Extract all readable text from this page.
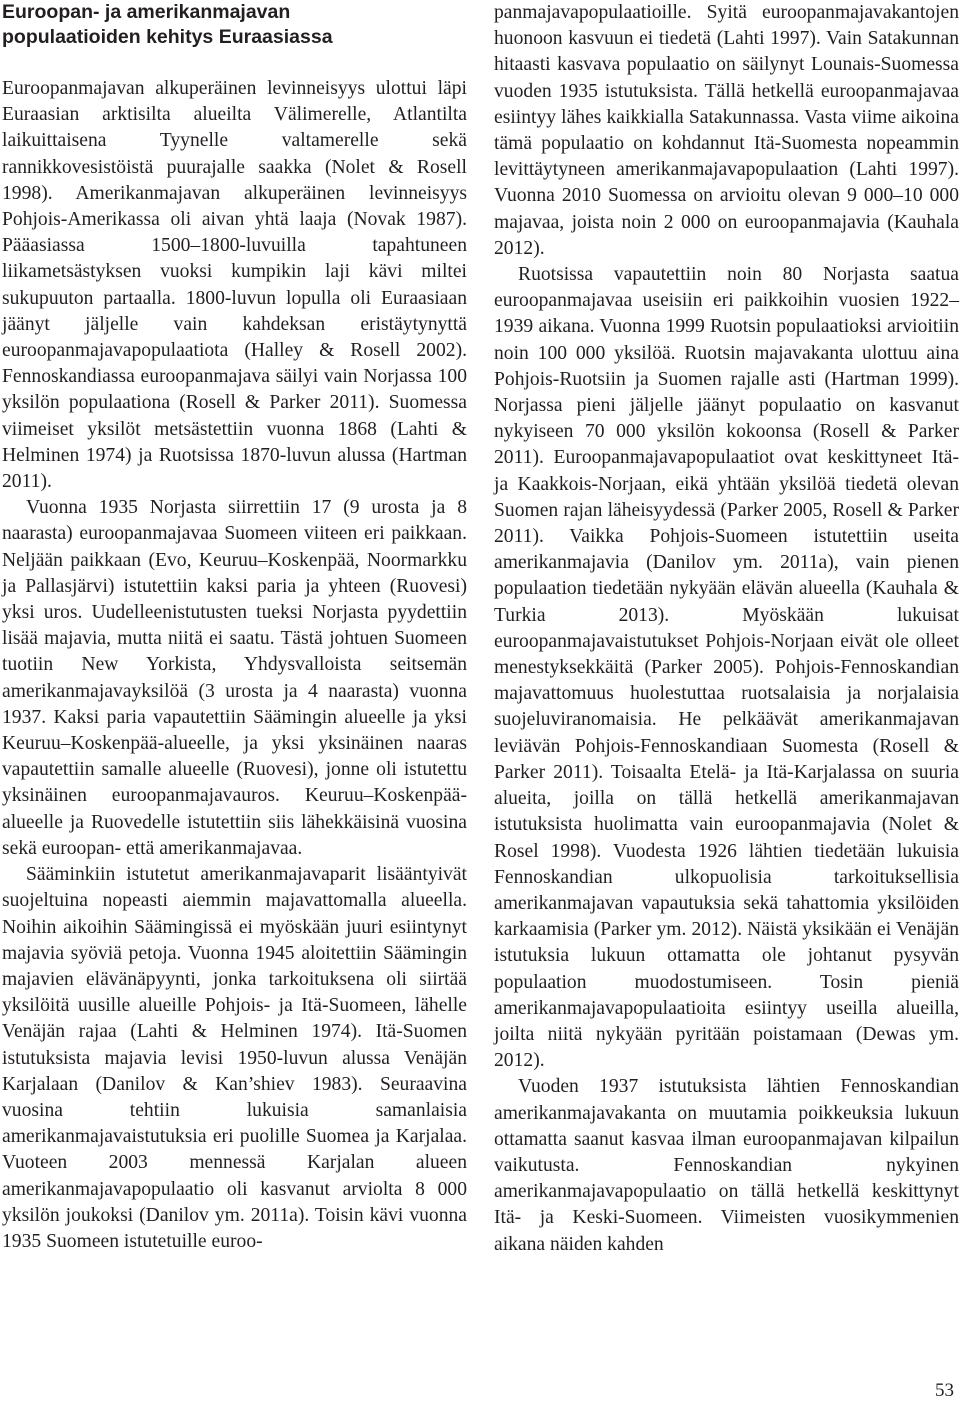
Euroopan- ja amerikanmajavan
populaatioiden kehitys Euraasiassa

Euroopanmajavan alkuperäinen levinneisyys ulottui läpi Euraasian arktisilta alueilta Välimerelle, Atlantilta laikuittaisena Tyynelle valtamerelle sekä rannikkovesistöistä puurajalle saakka (Nolet & Rosell 1998). Amerikanmajavan alkuperäinen levinneisyys Pohjois-Amerikassa oli aivan yhtä laaja (Novak 1987). Pääasiassa 1500–1800-luvuilla tapahtuneen liikametsästyksen vuoksi kumpikin laji kävi miltei sukupuuton partaalla. 1800-luvun lopulla oli Euraasiaan jäänyt jäljelle vain kahdeksan eristäytynyttä euroopanmajavapopulaatiota (Halley & Rosell 2002). Fennoskandiassa euroopanmajava säilyi vain Norjassa 100 yksilön populaationa (Rosell & Parker 2011). Suomessa viimeiset yksilöt metsästettiin vuonna 1868 (Lahti & Helminen 1974) ja Ruotsissa 1870-luvun alussa (Hartman 2011).

Vuonna 1935 Norjasta siirrettiin 17 (9 urosta ja 8 naarasta) euroopanmajavaa Suomeen viiteen eri paikkaan. Neljään paikkaan (Evo, Keuruu–Koskenpää, Noormarkku ja Pallasjärvi) istutettiin kaksi paria ja yhteen (Ruovesi) yksi uros. Uudelleenistutusten tueksi Norjasta pyydettiin lisää majavia, mutta niitä ei saatu. Tästä johtuen Suomeen tuotiin New Yorkista, Yhdysvalloista seitsemän amerikanmajavayksilöä (3 urosta ja 4 naarasta) vuonna 1937. Kaksi paria vapautettiin Säämingin alueelle ja yksi Keuruu–Koskenpää-alueelle, ja yksi yksinäinen naaras vapautettiin samalle alueelle (Ruovesi), jonne oli istutettu yksinäinen euroopanmajavauros. Keuruu–Koskenpää-alueelle ja Ruovedelle istutettiin siis lähekkäisinä vuosina sekä euroopan- että amerikanmajavaa.

Sääminkiin istutetut amerikanmajavaparit lisääntyivät suojeltuina nopeasti aiemmin majavattomalla alueella. Noihin aikoihin Säämingissä ei myöskään juuri esiintynyt majavia syöviä petoja. Vuonna 1945 aloitettiin Säämingin majavien elävänäpyynti, jonka tarkoituksena oli siirtää yksilöitä uusille alueille Pohjois- ja Itä-Suomeen, lähelle Venäjän rajaa (Lahti & Helminen 1974). Itä-Suomen istutuksista majavia levisi 1950-luvun alussa Venäjän Karjalaan (Danilov & Kan’shiev 1983). Seuraavina vuosina tehtiin lukuisia samanlaisia amerikanmajavaistutuksia eri puolille Suomea ja Karjalaa. Vuoteen 2003 mennessä Karjalan alueen amerikanmajavapopulaatio oli kasvanut arvioltа 8 000 yksilön joukoksi (Danilov ym. 2011a). Toisin kävi vuonna 1935 Suomeen istutetuille euroo-

panmajavapopulaatioille. Syitä euroopanmajavakantojen huonoon kasvuun ei tiedetä (Lahti 1997). Vain Satakunnan hitaasti kasvava populaatio on säilynyt Lounais-Suomessa vuoden 1935 istutuksista. Tällä hetkellä euroopanmajavaa esiintyy lähes kaikkialla Satakunnassa. Vasta viime aikoina tämä populaatio on kohdannut Itä-Suomesta nopeammin levittäytyneen amerikanmajavapopulaation (Lahti 1997). Vuonna 2010 Suomessa on arvioitu olevan 9 000–10 000 majavaa, joista noin 2 000 on euroopanmajavia (Kauhala 2012).

Ruotsissa vapautettiin noin 80 Norjasta saatua euroopanmajavaa useisiin eri paikkoihin vuosien 1922–1939 aikana. Vuonna 1999 Ruotsin populaatioksi arvioitiin noin 100 000 yksilöä. Ruotsin majavakanta ulottuu aina Pohjois-Ruotsiin ja Suomen rajalle asti (Hartman 1999). Norjassa pieni jäljelle jäänyt populaatio on kasvanut nykyiseen 70 000 yksilön kokoonsa (Rosell & Parker 2011). Euroopanmajavapopulaatiot ovat keskittyneet Itä- ja Kaakkois-Norjaan, eikä yhtään yksilöä tiedetä olevan Suomen rajan läheisyydessä (Parker 2005, Rosell & Parker 2011). Vaikka Pohjois-Suomeen istutettiin useita amerikanmajavia (Danilov ym. 2011a), vain pienen populaation tiedetään nykyään elävän alueella (Kauhala & Turkia 2013). Myöskään lukuisat euroopanmajavaistutukset Pohjois-Norjaan eivät ole olleet menestyksekkäitä (Parker 2005). Pohjois-Fennoskandian majavattomuus huolestuttaa ruotsalaisia ja norjalaisia suojeluviranomaisia. He pelkäävät amerikanmajavan leviävän Pohjois-Fennoskandiaan Suomesta (Rosell & Parker 2011). Toisaalta Etelä- ja Itä-Karjalassa on suuria alueita, joilla on tällä hetkellä amerikanmajavan istutuksista huolimatta vain euroopanmajavia (Nolet & Rosel 1998). Vuodesta 1926 lähtien tiedetään lukuisia Fennoskandian ulkopuolisia tarkoituksellisia amerikanmajavan vapautuksia sekä tahattomia yksilöiden karkaamisia (Parker ym. 2012). Näistä yksikään ei Venäjän istutuksia lukuun ottamatta ole johtanut pysyvän populaation muodostumiseen. Tosin pieniä amerikanmajavapopulaatioita esiintyy useilla alueilla, joilta niitä nykyään pyritään poistamaan (Dewas ym. 2012).

Vuoden 1937 istutuksista lähtien Fennoskandian amerikanmajavakanta on muutamia poikkeuksia lukuun ottamatta saanut kasvaa ilman euroopanmajavan kilpailun vaikutusta. Fennoskandian nykyinen amerikanmajavapopulaatio on tällä hetkellä keskittynyt Itä- ja Keski-Suomeen. Viimeisten vuosikymmenien aikana näiden kahden

53
